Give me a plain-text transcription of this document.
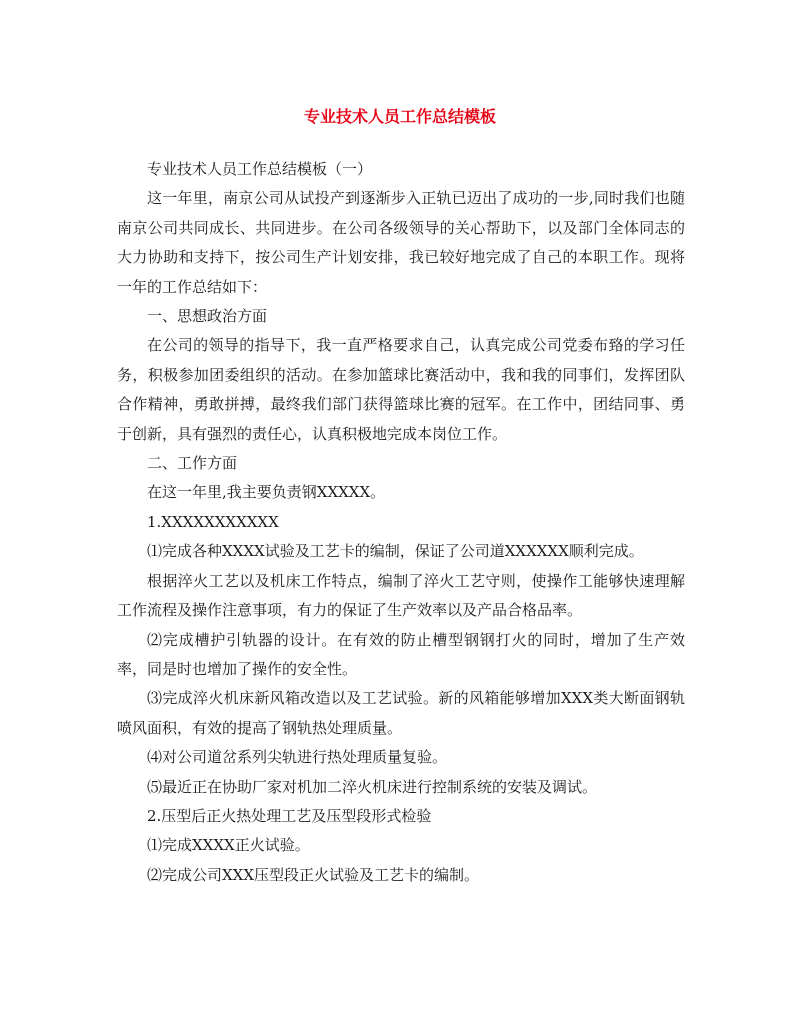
专业技术人员工作总结模板

专业技术人员工作总结模板（一）

这一年里，南京公司从试投产到逐渐步入正轨已迈出了成功的一步,同时我们也随南京公司共同成长、共同进步。在公司各级领导的关心帮助下，以及部门全体同志的大力协助和支持下，按公司生产计划安排，我已较好地完成了自己的本职工作。现将一年的工作总结如下：

一、思想政治方面

在公司的领导的指导下，我一直严格要求自己，认真完成公司党委布臵的学习任务，积极参加团委组织的活动。在参加篮球比赛活动中，我和我的同事们，发挥团队合作精神，勇敢拼搏，最终我们部门获得篮球比赛的冠军。在工作中，团结同事、勇于创新，具有强烈的责任心，认真积极地完成本岗位工作。

二、工作方面

在这一年里,我主要负责钢XXXXX。

1.XXXXXXXXXXX

⑴完成各种XXXX试验及工艺卡的编制，保证了公司道XXXXXX顺利完成。

根据淬火工艺以及机床工作特点，编制了淬火工艺守则，使操作工能够快速理解工作流程及操作注意事项，有力的保证了生产效率以及产品合格品率。

⑵完成槽护引轨器的设计。在有效的防止槽型钢钢打火的同时，增加了生产效率，同是时也增加了操作的安全性。

⑶完成淬火机床新风箱改造以及工艺试验。新的风箱能够增加XXX类大断面钢轨喷风面积，有效的提高了钢轨热处理质量。

⑷对公司道岔系列尖轨进行热处理质量复验。

⑸最近正在协助厂家对机加二淬火机床进行控制系统的安装及调试。

2.压型后正火热处理工艺及压型段形式检验

⑴完成XXXX正火试验。

⑵完成公司XXX压型段正火试验及工艺卡的编制。
